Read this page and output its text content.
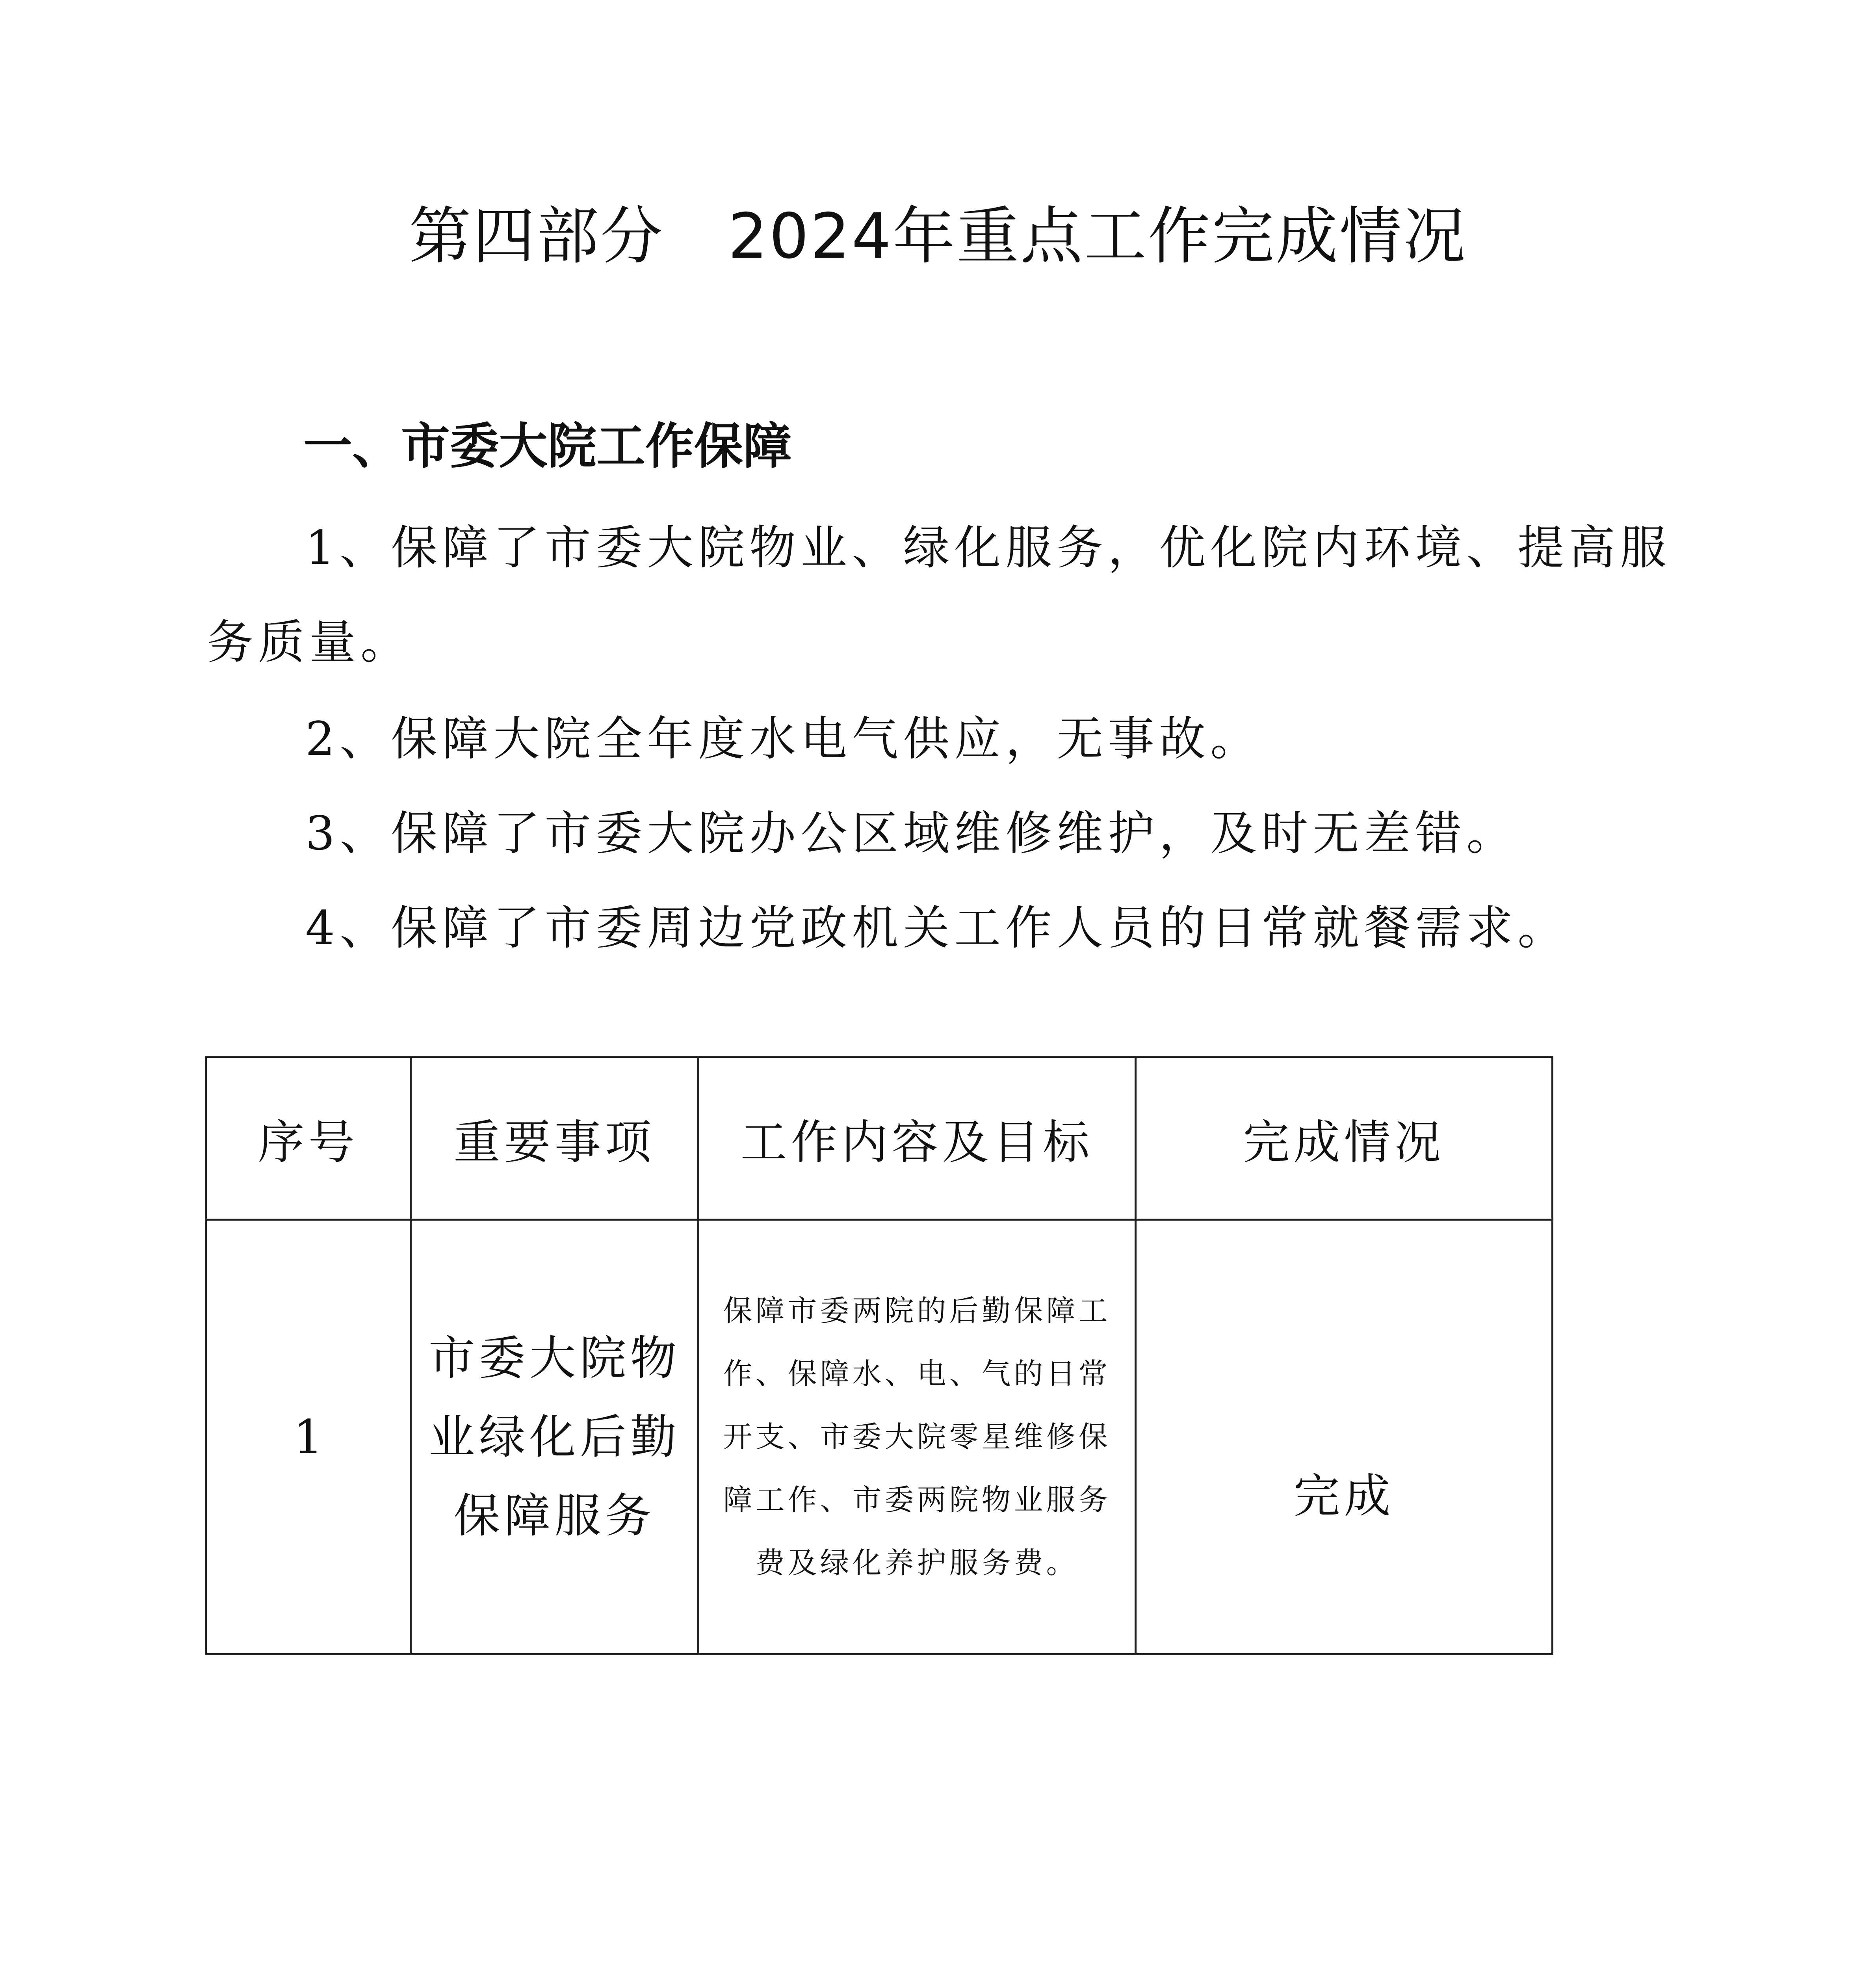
第四部分　2024年重点工作完成情况
一、市委大院工作保障

1、保障了市委大院物业、绿化服务，优化院内环境、提高服务质量。

2、保障大院全年度水电气供应，无事故。

3、保障了市委大院办公区域维修维护，及时无差错。

4、保障了市委周边党政机关工作人员的日常就餐需求。

序号	重要事项	工作内容及目标	完成情况
1	市委大院物业绿化后勤保障服务	保障市委两院的后勤保障工作、保障水、电、气的日常开支、市委大院零星维修保障工作、市委两院物业服务费及绿化养护服务费。	完成
